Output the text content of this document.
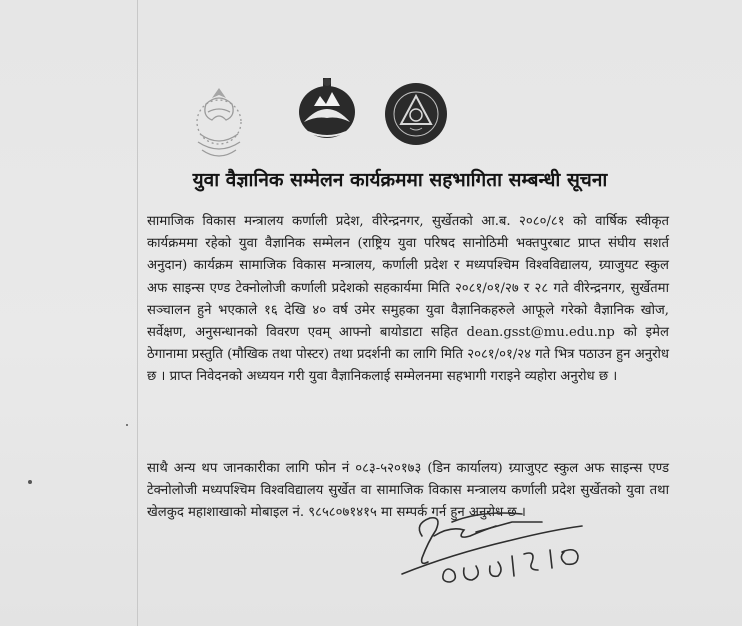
युवा वैज्ञानिक सम्मेलन कार्यक्रममा सहभागिता सम्बन्धी सूचना

सामाजिक विकास मन्त्रालय कर्णाली प्रदेश, वीरेन्द्रनगर, सुर्खेतको आ.ब. २०८०/८१ को वार्षिक स्वीकृत कार्यक्रममा रहेको युवा वैज्ञानिक सम्मेलन (राष्ट्रिय युवा परिषद सानोठिमी भक्तपुरबाट प्राप्त संघीय सशर्त अनुदान) कार्यक्रम सामाजिक विकास मन्त्रालय, कर्णाली प्रदेश र मध्यपश्चिम विश्वविद्यालय, ग्र्याजुयट स्कुल अफ साइन्स एण्ड टेक्नोलोजी कर्णाली प्रदेशको सहकार्यमा मिति २०८१/०१/२७ र २८ गते वीरेन्द्रनगर, सुर्खेतमा सञ्चालन हुने भएकाले १६ देखि ४० वर्ष उमेर समुहका युवा वैज्ञानिकहरुले आफूले गरेको वैज्ञानिक खोज, सर्वेक्षण, अनुसन्धानको विवरण एवम् आफ्नो बायोडाटा सहित dean.gsst@mu.edu.np को इमेल ठेगानामा प्रस्तुति (मौखिक तथा पोस्टर) तथा प्रदर्शनी का लागि मिति २०८१/०१/२४ गते भित्र पठाउन हुन अनुरोध छ । प्राप्त निवेदनको अध्ययन गरी युवा वैज्ञानिकलाई सम्मेलनमा सहभागी गराइने व्यहोरा अनुरोध छ ।

साथै अन्य थप जानकारीका लागि फोन नं ०८३-५२०१७३ (डिन कार्यालय) ग्र्याजुएट स्कुल अफ साइन्स एण्ड टेक्नोलोजी मध्यपश्चिम विश्वविद्यालय सुर्खेत वा सामाजिक विकास मन्त्रालय कर्णाली प्रदेश सुर्खेतको युवा तथा खेलकुद महाशाखाको मोबाइल नं. ९८५८०७१४१५ मा सम्पर्क गर्न हुन अनुरोध छ ।
